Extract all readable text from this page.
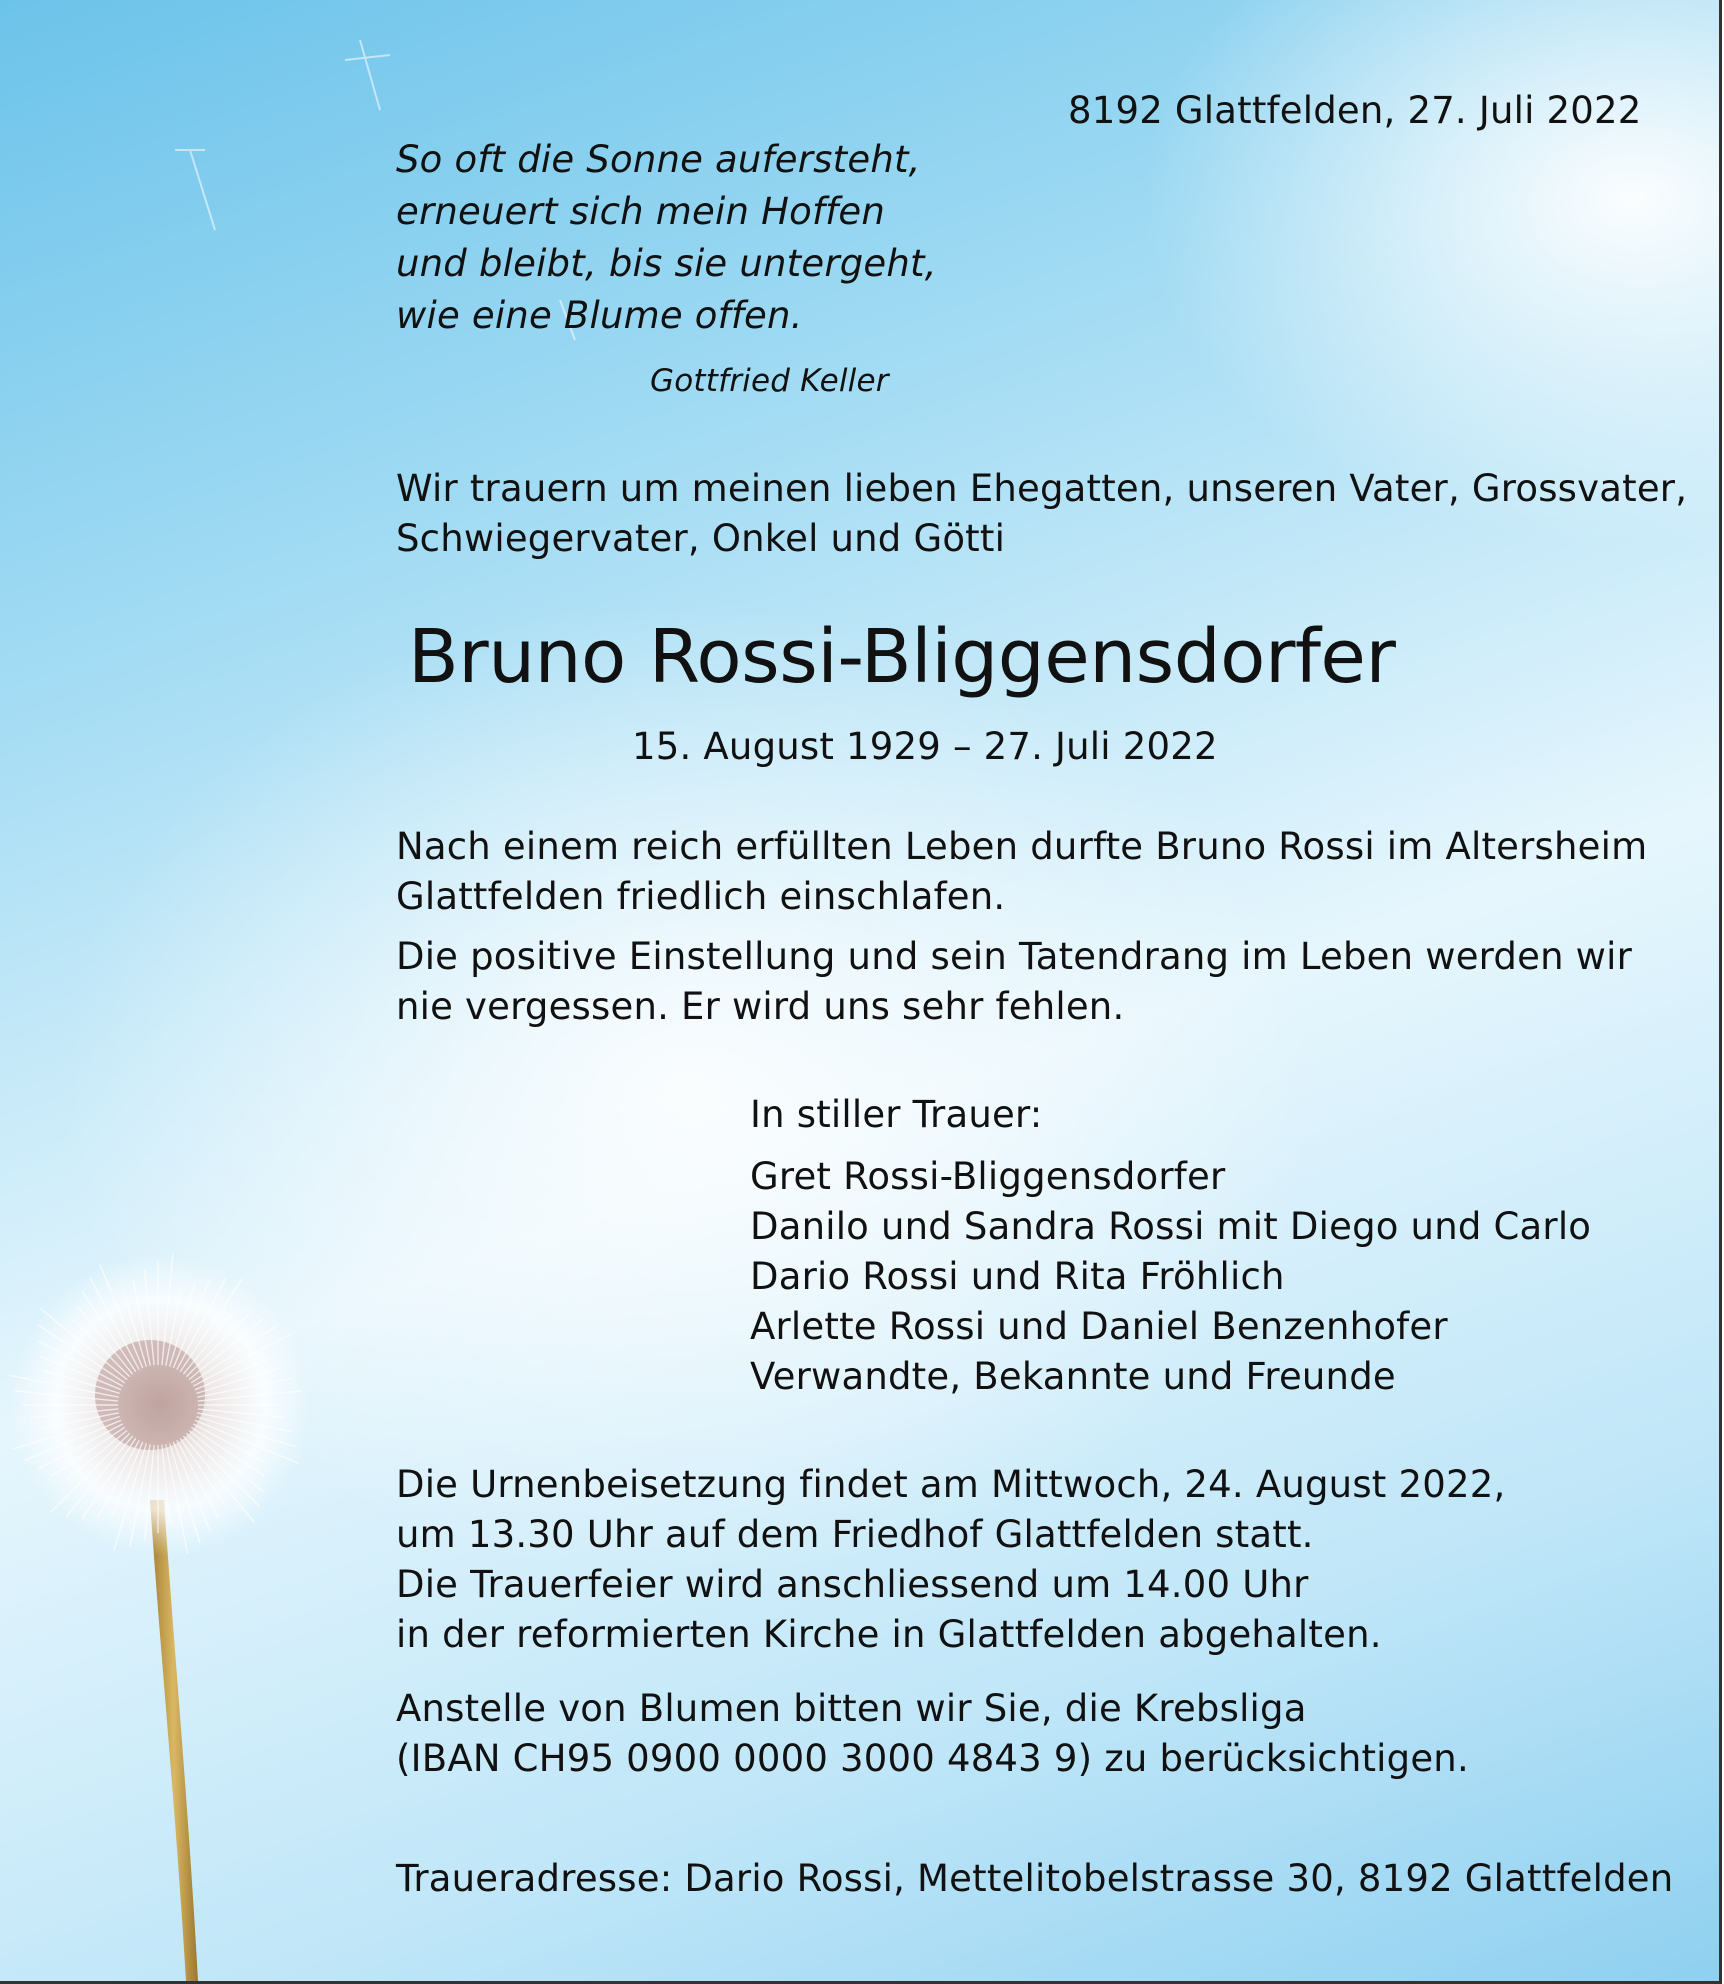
8192 Glattfelden, 27. Juli 2022

So oft die Sonne aufersteht,

erneuert sich mein Hoffen

und bleibt, bis sie untergeht,

wie eine Blume offen.

Gottfried Keller

Wir trauern um meinen lieben Ehegatten, unseren Vater, Grossvater,

Schwiegervater, Onkel und Götti

Bruno Rossi-Bliggensdorfer

15. August 1929 – 27. Juli 2022

Nach einem reich erfüllten Leben durfte Bruno Rossi im Altersheim

Glattfelden friedlich einschlafen.

Die positive Einstellung und sein Tatendrang im Leben werden wir

nie vergessen. Er wird uns sehr fehlen.

In stiller Trauer:

Gret Rossi-Bliggensdorfer

Danilo und Sandra Rossi mit Diego und Carlo

Dario Rossi und Rita Fröhlich

Arlette Rossi und Daniel Benzenhofer

Verwandte, Bekannte und Freunde

Die Urnenbeisetzung findet am Mittwoch, 24. August 2022,

um 13.30 Uhr auf dem Friedhof Glattfelden statt.

Die Trauerfeier wird anschliessend um 14.00 Uhr

in der reformierten Kirche in Glattfelden abgehalten.

Anstelle von Blumen bitten wir Sie, die Krebsliga

(IBAN CH95 0900 0000 3000 4843 9) zu berücksichtigen.

Traueradresse: Dario Rossi, Mettelitobelstrasse 30, 8192 Glattfelden
